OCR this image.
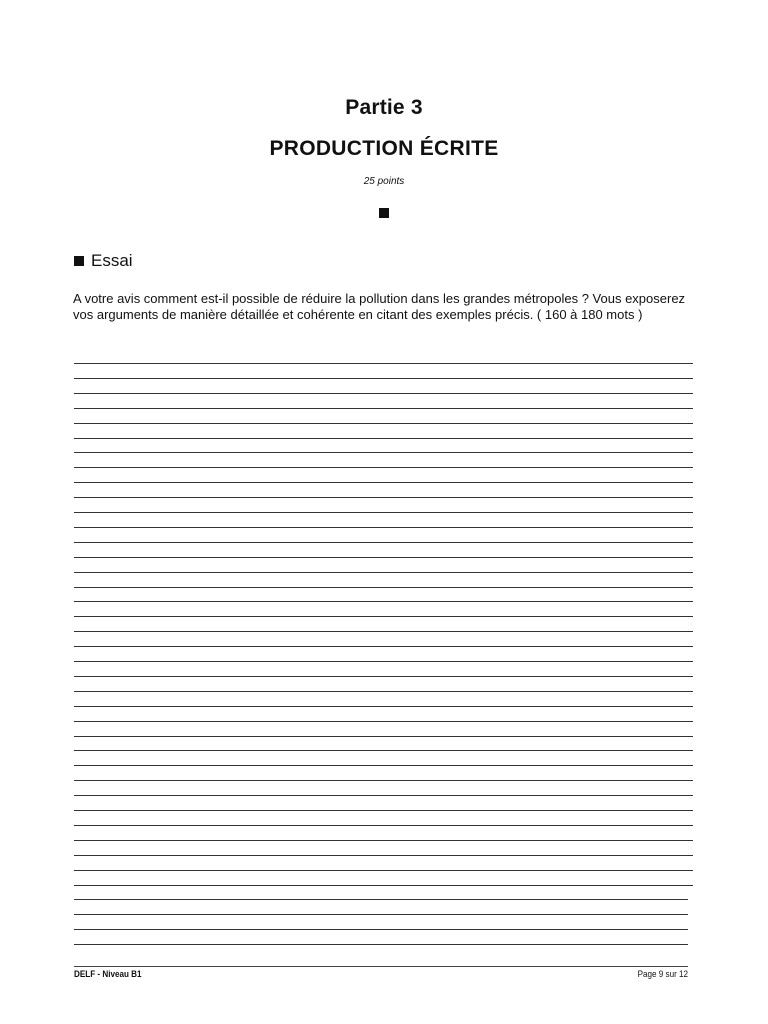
Partie 3
PRODUCTION ÉCRITE
25 points
Essai
A votre avis comment est-il possible de réduire la pollution dans les grandes métropoles ? Vous exposerez vos arguments de manière détaillée et cohérente en citant des exemples précis. ( 160 à 180 mots )
DELF - Niveau B1	Page 9 sur 12
